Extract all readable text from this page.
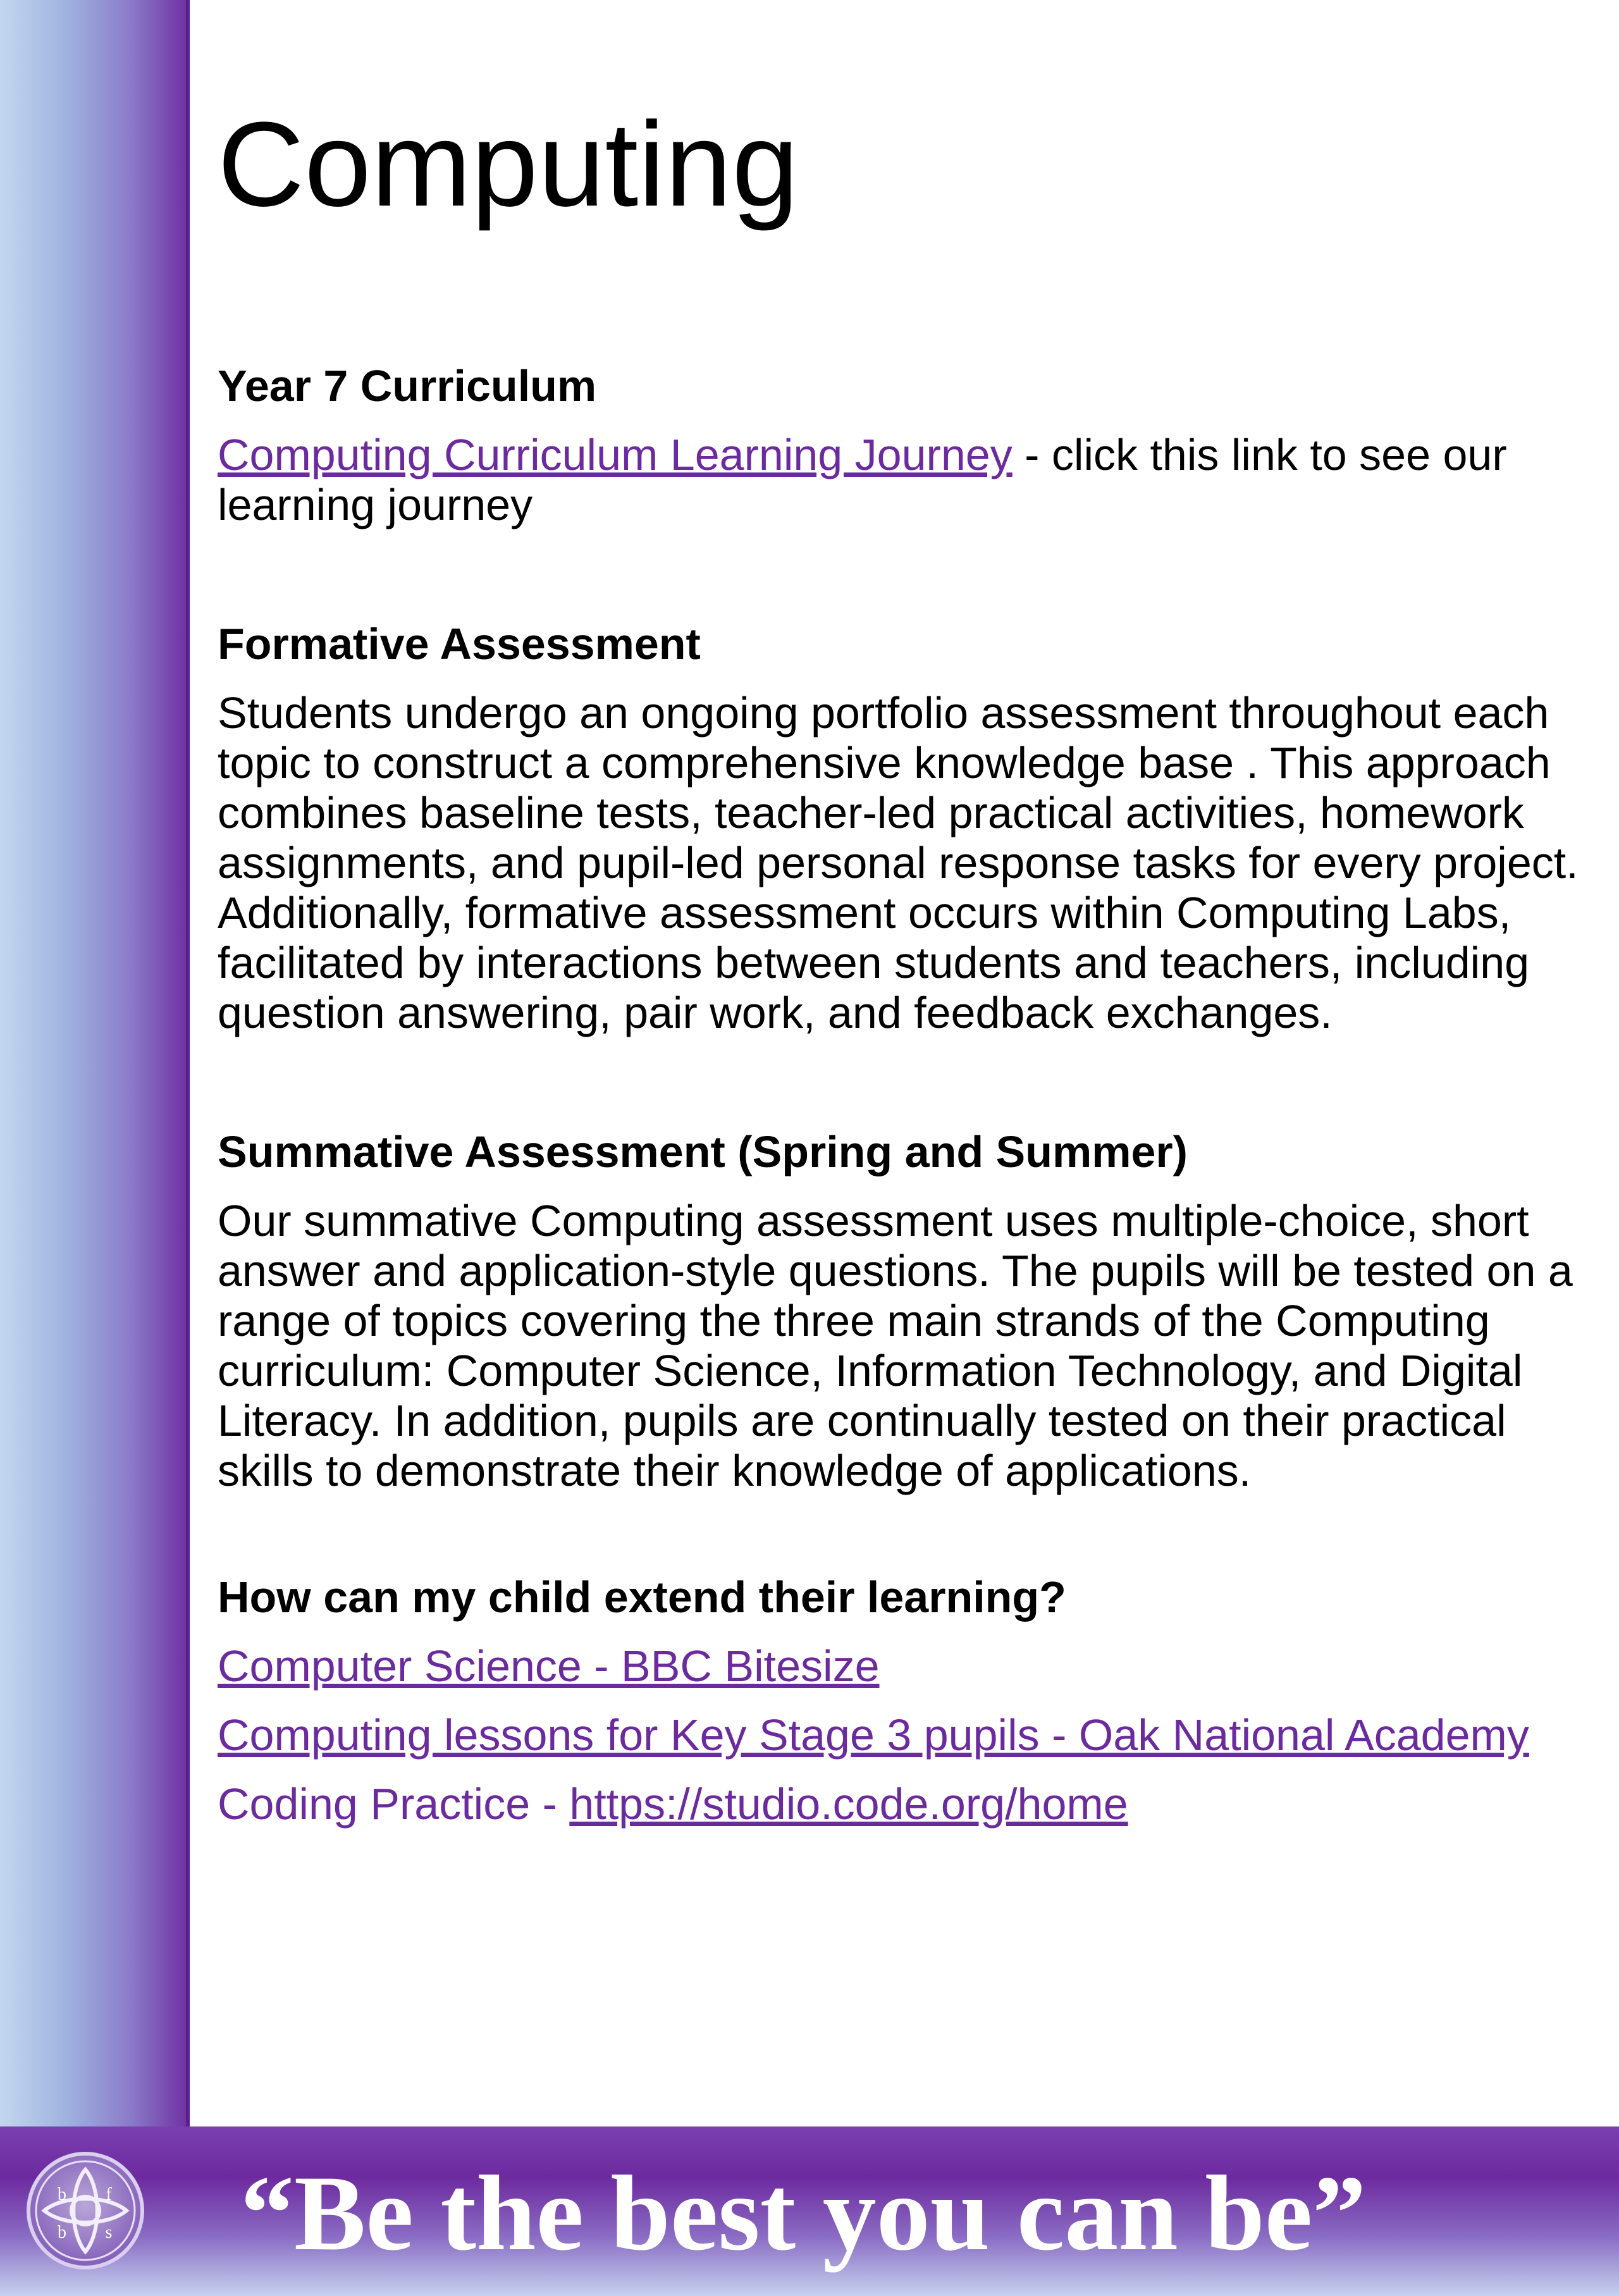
Computing
Year 7 Curriculum

Computing Curriculum Learning Journey - click this link to see our learning journey

Formative Assessment

Students undergo an ongoing portfolio assessment throughout each topic to construct a comprehensive knowledge base . This approach combines baseline tests, teacher-led practical activities, homework assignments, and pupil-led personal response tasks for every project. Additionally, formative assessment occurs within Computing Labs, facilitated by interactions between students and teachers, including question answering, pair work, and feedback exchanges.

Summative Assessment (Spring and Summer)

Our summative Computing assessment uses multiple-choice, short answer and application-style questions. The pupils will be tested on a range of topics covering the three main strands of the Computing curriculum: Computer Science, Information Technology, and Digital Literacy. In addition, pupils are continually tested on their practical skills to demonstrate their knowledge of applications.

How can my child extend their learning?

Computer Science - BBC Bitesize

Computing lessons for Key Stage 3 pupils - Oak National Academy

Coding Practice - https://studio.code.org/home

b f
b s “Be the best you can be”
